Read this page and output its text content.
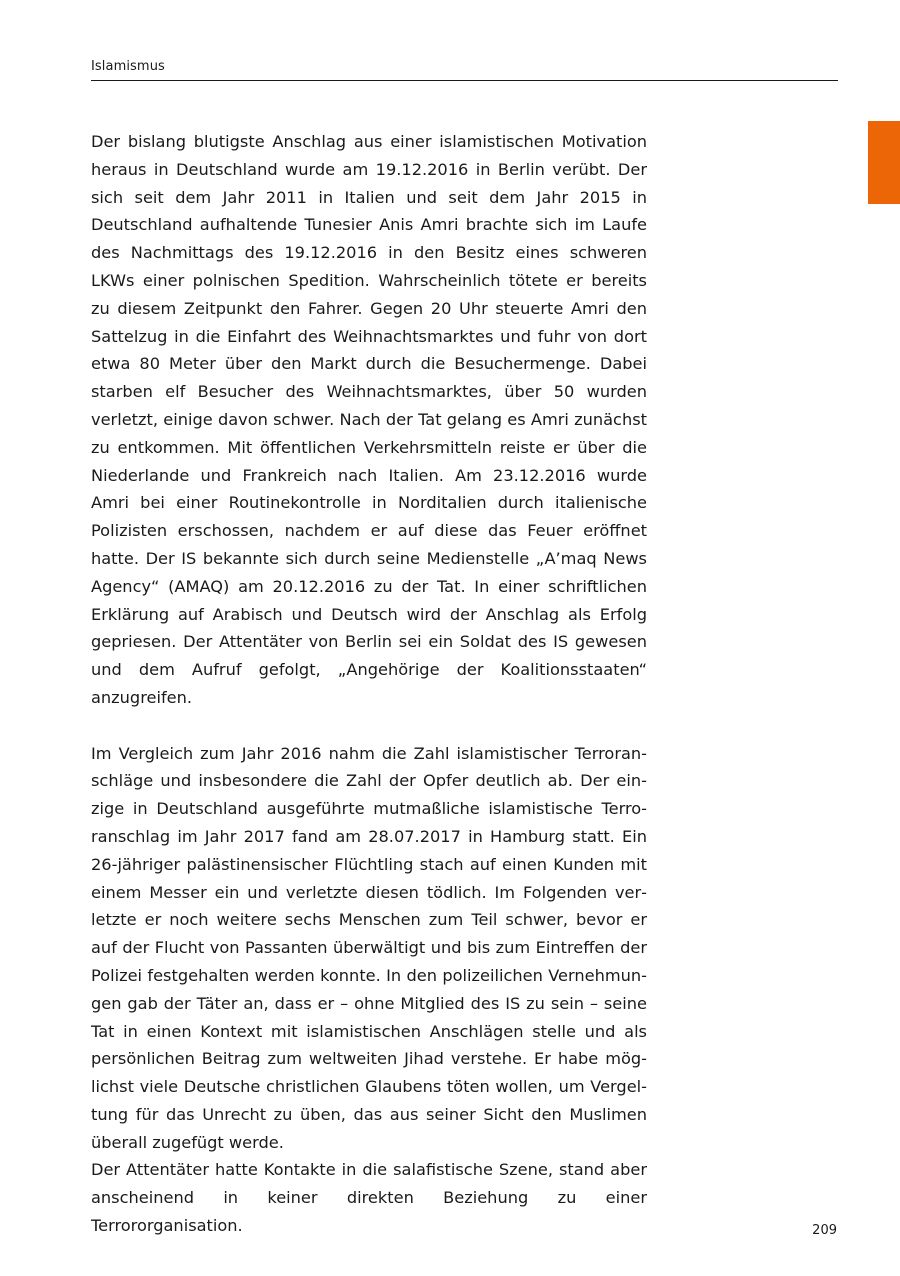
Islamismus

Der bislang blutigste Anschlag aus einer islamistischen Motivation heraus in Deutschland wurde am 19.12.2016 in Berlin verübt. Der sich seit dem Jahr 2011 in Italien und seit dem Jahr 2015 in Deutschland aufhaltende Tunesier Anis Amri brachte sich im Laufe des Nachmittags des 19.12.2016 in den Besitz eines schweren LKWs einer polnischen Spedition. Wahrscheinlich tötete er bereits zu diesem Zeitpunkt den Fahrer. Gegen 20 Uhr steuerte Amri den Sattelzug in die Einfahrt des Weihnachtsmarktes und fuhr von dort etwa 80 Meter über den Markt durch die Besuchermenge. Dabei starben elf Besucher des Weihnachtsmarktes, über 50 wurden verletzt, einige davon schwer. Nach der Tat gelang es Amri zunächst zu entkommen. Mit öffentlichen Verkehrsmitteln reiste er über die Niederlande und Frankreich nach Italien. Am 23.12.2016 wurde Amri bei einer Routinekontrolle in Norditalien durch italienische Polizisten erschossen, nachdem er auf diese das Feuer eröffnet hatte. Der IS bekannte sich durch seine Medienstelle „A’maq News Agency“ (AMAQ) am 20.12.2016 zu der Tat. In einer schriftlichen Erklärung auf Arabisch und Deutsch wird der Anschlag als Erfolg gepriesen. Der Attentäter von Berlin sei ein Soldat des IS gewesen und dem Aufruf gefolgt, „Angehörige der Koalitionsstaaten“ anzugreifen.

Im Vergleich zum Jahr 2016 nahm die Zahl islamistischer Terroranschläge und insbesondere die Zahl der Opfer deutlich ab. Der einzige in Deutschland ausgeführte mutmaßliche islamistische Terroranschlag im Jahr 2017 fand am 28.07.2017 in Hamburg statt. Ein 26-jähriger palästinensischer Flüchtling stach auf einen Kunden mit einem Messer ein und verletzte diesen tödlich. Im Folgenden verletzte er noch weitere sechs Menschen zum Teil schwer, bevor er auf der Flucht von Passanten überwältigt und bis zum Eintreffen der Polizei festgehalten werden konnte. In den polizeilichen Vernehmungen gab der Täter an, dass er – ohne Mitglied des IS zu sein – seine Tat in einen Kontext mit islamistischen Anschlägen stelle und als persönlichen Beitrag zum weltweiten Jihad verstehe. Er habe möglichst viele Deutsche christlichen Glaubens töten wollen, um Vergeltung für das Unrecht zu üben, das aus seiner Sicht den Muslimen überall zugefügt werde.

Der Attentäter hatte Kontakte in die salafistische Szene, stand aber anscheinend in keiner direkten Beziehung zu einer Terrororganisation.	209
